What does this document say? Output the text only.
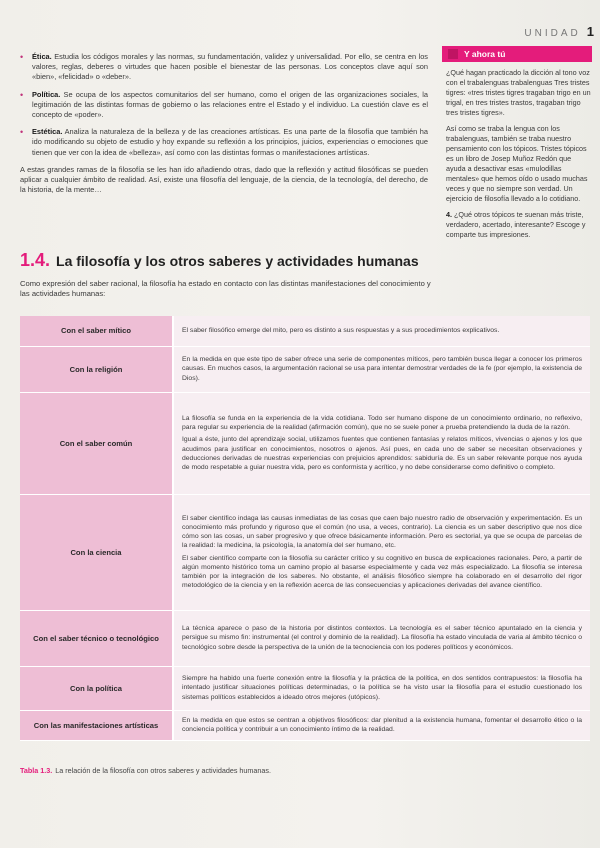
UNIDAD 1
• Ética. Estudia los códigos morales y las normas, su fundamentación, validez y universalidad. Por ello, se centra en los valores, reglas, deberes o virtudes que hacen posible el bienestar de las personas. Los conceptos clave aquí son «bien», «felicidad» o «deber».
• Política. Se ocupa de los aspectos comunitarios del ser humano, como el origen de las organizaciones sociales, la legitimación de las distintas formas de gobierno o las relaciones entre el Estado y el individuo. La cuestión clave es el concepto de «poder».
• Estética. Analiza la naturaleza de la belleza y de las creaciones artísticas. Es una parte de la filosofía que también ha ido modificando su objeto de estudio y hoy expande su reflexión a los principios, juicios, experiencias o emociones que tienen que ver con la idea de «belleza», así como con las distintas formas o manifestaciones artísticas.

A estas grandes ramas de la filosofía se les han ido añadiendo otras, dado que la reflexión y actitud filosóficas se pueden aplicar a cualquier ámbito de realidad. Así, existe una filosofía del lenguaje, de la ciencia, de la tecnología, del derecho, de la historia, de la mente…

Y ahora tú

¿Qué hagan practicado la dicción al tono voz con el trabalenguas trabalenguas Tres tristes tigres: «tres tristes tigres tragaban trigo en un trigal, en tres tristes trastos, tragaban trigo tres tristes tigres».

Así como se traba la lengua con los trabalenguas, también se traba nuestro pensamiento con los tópicos. Tristes tópicos es un libro de Josep Muñoz Redón que ayuda a desactivar esas «mulodillas mentales» que hemos oído o usado muchas veces y que no siempre son verdad. Un ejercicio de filosofía llevado a lo cotidiano.

4. ¿Qué otros tópicos te suenan más triste, verdadero, acertado, interesante? Escoge y comparte tus impresiones.

1.4. La filosofía y los otros saberes y actividades humanas

Como expresión del saber racional, la filosofía ha estado en contacto con las distintas manifestaciones del conocimiento y las actividades humanas:

Con el saber mítico	El saber filosófico emerge del mito, pero es distinto a sus respuestas y a sus procedimientos explicativos.

Con la religión	En la medida en que este tipo de saber ofrece una serie de componentes míticos, pero también busca llegar a conocer los primeros causas. En muchos casos, la argumentación racional se usa para intentar demostrar verdades de la fe (por ejemplo, la existencia de Dios).

Con el saber común	La filosofía se funda en la experiencia de la vida cotidiana. Todo ser humano dispone de un conocimiento ordinario, no reflexivo, para regular su experiencia de la realidad (afirmación común), que no se suele poner a prueba pretendiendo la duda de la razón.

Igual a éste, junto del aprendizaje social, utilizamos fuentes que contienen fantasías y relatos míticos, vivencias o ajenos y los que acudimos para justificar en conocimientos, nosotros o ajenos. Así pues, en cada uno de saber se necesitan observaciones y deducciones derivadas de nuestras experiencias con prejuicios aprendidos: sabiduría de. Es un saber relevante porque nos ayuda de modo respetable a guiar nuestra vida, pero es conformista y acrítico, y no debe considerarse como definitivo o completo.

Con la ciencia	El saber científico indaga las causas inmediatas de las cosas que caen bajo nuestro radio de observación y experimentación. Es un conocimiento más profundo y riguroso que el común (no usa, a veces, contrario). La ciencia es un saber descriptivo que nos dice cómo son las cosas, un saber progresivo y que ofrece básicamente información. Pero es sectorial, ya que se ocupa de parcelas de la realidad: la medicina, la psicología, la anatomía del ser humano, etc.

El saber científico comparte con la filosofía su carácter crítico y su cognitivo en busca de explicaciones racionales. Pero, a partir de algún momento histórico toma un camino propio al basarse especialmente y cada vez más especializado. La filosofía se interesa también por la integración de los saberes. No obstante, el análisis filosófico siempre ha colaborado en el desarrollo del rigor metodológico de la ciencia y en la reflexión acerca de las consecuencias y aplicaciones derivadas del avance científico.

Con el saber técnico o tecnológico	La técnica aparece o paso de la historia por distintos contextos. La tecnología es el saber técnico apuntalado en la ciencia y persigue su mismo fin: instrumental (el control y dominio de la realidad). La filosofía ha estado vinculada de varia al ámbito técnico o tecnológico sobre desde la perspectiva de la unión de la tecnociencia con los poderes políticos y económicos.

Con la política	Siempre ha habido una fuerte conexión entre la filosofía y la práctica de la política, en dos sentidos contrapuestos: la filosofía ha intentado justificar situaciones políticas determinadas, o la política se ha visto usar la filosofía para el estudio cuestionado los sistemas políticos establecidos a ideado otros mejores (utópicos).

Con las manifestaciones artísticas	En la medida en que estos se centran a objetivos filosóficos: dar plenitud a la existencia humana, fomentar el desarrollo ético o la conciencia política y contribuir a un conocimiento íntimo de la realidad.

Tabla 1.3. La relación de la filosofía con otros saberes y actividades humanas.
